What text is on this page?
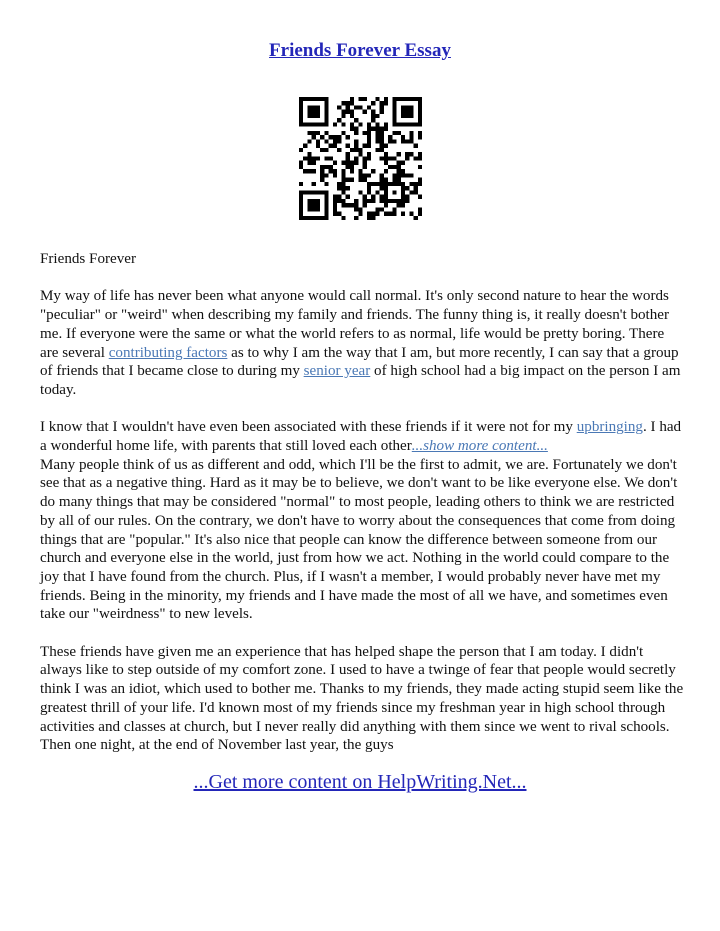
Friends Forever Essay

Friends Forever

My way of life has never been what anyone would call normal. It's only second nature to hear the words "peculiar" or "weird" when describing my family and friends. The funny thing is, it really doesn't bother me. If everyone were the same or what the world refers to as normal, life would be pretty boring. There are several contributing factors as to why I am the way that I am, but more recently, I can say that a group of friends that I became close to during my senior year of high school had a big impact on the person I am today.

I know that I wouldn't have even been associated with these friends if it were not for my upbringing. I had a wonderful home life, with parents that still loved each other...show more content...
Many people think of us as different and odd, which I'll be the first to admit, we are. Fortunately we don't see that as a negative thing. Hard as it may be to believe, we don't want to be like everyone else. We don't do many things that may be considered "normal" to most people, leading others to think we are restricted by all of our rules. On the contrary, we don't have to worry about the consequences that come from doing things that are "popular." It's also nice that people can know the difference between someone from our church and everyone else in the world, just from how we act. Nothing in the world could compare to the joy that I have found from the church. Plus, if I wasn't a member, I would probably never have met my friends. Being in the minority, my friends and I have made the most of all we have, and sometimes even take our "weirdness" to new levels.

These friends have given me an experience that has helped shape the person that I am today. I didn't always like to step outside of my comfort zone. I used to have a twinge of fear that people would secretly think I was an idiot, which used to bother me. Thanks to my friends, they made acting stupid seem like the greatest thrill of your life. I'd known most of my friends since my freshman year in high school through activities and classes at church, but I never really did anything with them since we went to rival schools. Then one night, at the end of November last year, the guys

...Get more content on HelpWriting.Net...
